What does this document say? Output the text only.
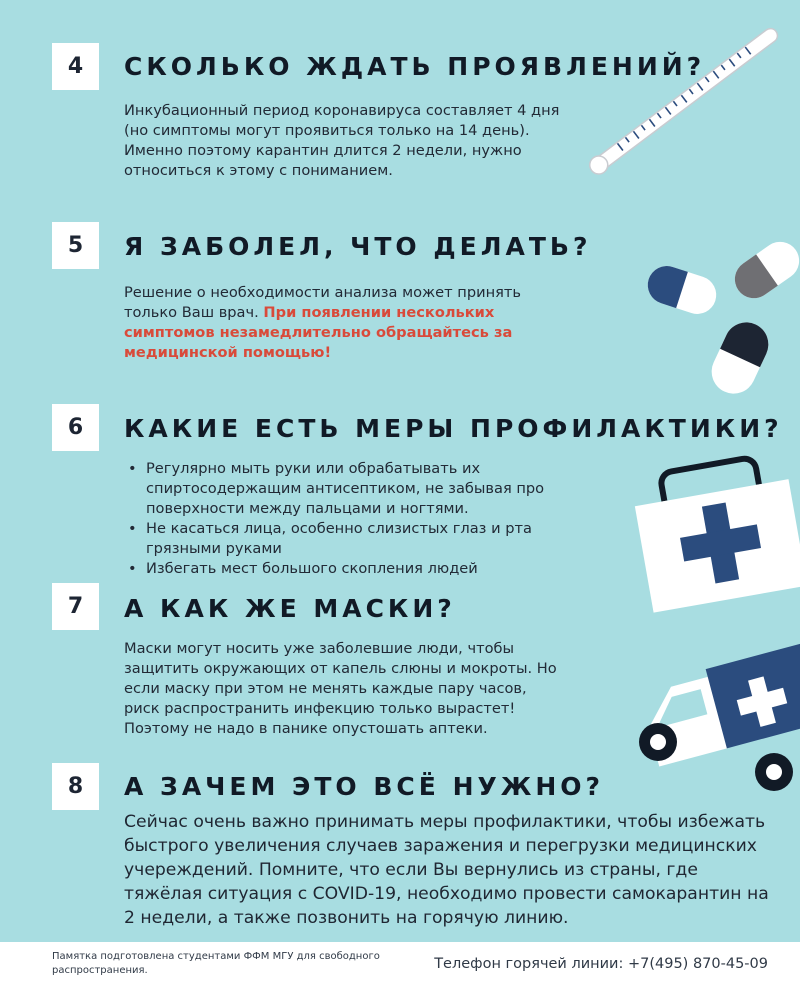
4	СКОЛЬКО ЖДАТЬ ПРОЯВЛЕНИЙ?
Инкубационный период коронавируса составляет 4 дня (но симптомы могут проявиться только на 14 день). Именно поэтому карантин длится 2 недели, нужно относиться к этому с пониманием.
5	Я ЗАБОЛЕЛ, ЧТО ДЕЛАТЬ?
Решение о необходимости анализа может принять только Ваш врач. При появлении нескольких симптомов незамедлительно обращайтесь за медицинской помощью!
6	КАКИЕ ЕСТЬ МЕРЫ ПРОФИЛАКТИКИ?
• Регулярно мыть руки или обрабатывать их спиртосодержащим антисептиком, не забывая про поверхности между пальцами и ногтями.
• Не касаться лица, особенно слизистых глаз и рта грязными руками
• Избегать мест большого скопления людей
7	А КАК ЖЕ МАСКИ?
Маски могут носить уже заболевшие люди, чтобы защитить окружающих от капель слюны и мокроты. Но если маску при этом не менять каждые пару часов, риск распространить инфекцию только вырастет! Поэтому не надо в панике опустошать аптеки.
8	А ЗАЧЕМ ЭТО ВСЁ НУЖНО?
Сейчас очень важно принимать меры профилактики, чтобы избежать быстрого увеличения случаев заражения и перегрузки медицинских учереждений. Помните, что если Вы вернулись из страны, где тяжёлая ситуация с COVID-19, необходимо провести самокарантин на 2 недели, а также позвонить на горячую линию.
Памятка подготовлена студентами ФФМ МГУ для свободного распространения.	Телефон горячей линии: +7(495) 870-45-09
